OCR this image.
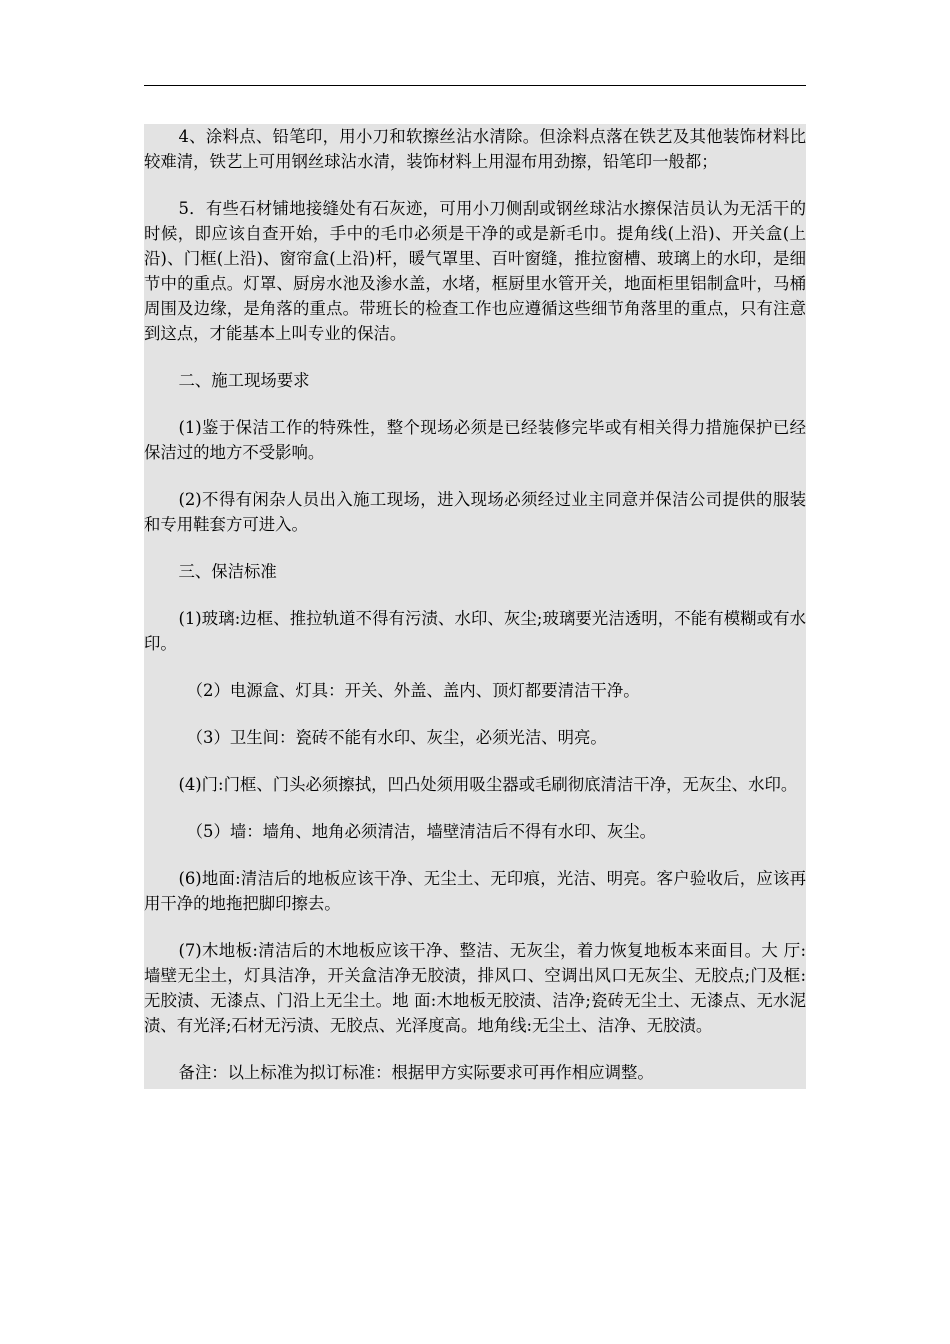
4、涂料点、铅笔印，用小刀和软擦丝沾水清除。但涂料点落在铁艺及其他装饰材料比较难清，铁艺上可用钢丝球沾水清，装饰材料上用湿布用劲擦，铅笔印一般都；

5．有些石材铺地接缝处有石灰迹，可用小刀侧刮或钢丝球沾水擦保洁员认为无活干的时候，即应该自查开始，手中的毛巾必须是干净的或是新毛巾。提角线(上沿)、开关盒(上沿)、门框(上沿)、窗帘盒(上沿)杆，暖气罩里、百叶窗缝，推拉窗槽、玻璃上的水印，是细节中的重点。灯罩、厨房水池及渗水盖，水堵，框厨里水管开关，地面柜里铝制盒叶，马桶周围及边缘，是角落的重点。带班长的检查工作也应遵循这些细节角落里的重点，只有注意到这点，才能基本上叫专业的保洁。

二、施工现场要求

(1)鉴于保洁工作的特殊性，整个现场必须是已经装修完毕或有相关得力措施保护已经保洁过的地方不受影响。

(2)不得有闲杂人员出入施工现场，进入现场必须经过业主同意并保洁公司提供的服装和专用鞋套方可进入。

三、保洁标准

(1)玻璃:边框、推拉轨道不得有污渍、水印、灰尘;玻璃要光洁透明，不能有模糊或有水印。

（2）电源盒、灯具：开关、外盖、盖内、顶灯都要清洁干净。

（3）卫生间：瓷砖不能有水印、灰尘，必须光洁、明亮。

(4)门:门框、门头必须擦拭，凹凸处须用吸尘器或毛刷彻底清洁干净，无灰尘、水印。

（5）墙：墙角、地角必须清洁，墙壁清洁后不得有水印、灰尘。

(6)地面:清洁后的地板应该干净、无尘土、无印痕，光洁、明亮。客户验收后，应该再用干净的地拖把脚印擦去。

(7)木地板:清洁后的木地板应该干净、整洁、无灰尘，着力恢复地板本来面目。大 厅:墙壁无尘土，灯具洁净，开关盒洁净无胶渍，排风口、空调出风口无灰尘、无胶点;门及框:无胶渍、无漆点、门沿上无尘土。地 面:木地板无胶渍、洁净;瓷砖无尘土、无漆点、无水泥渍、有光泽;石材无污渍、无胶点、光泽度高。地角线:无尘土、洁净、无胶渍。

备注：以上标准为拟订标准：根据甲方实际要求可再作相应调整。
